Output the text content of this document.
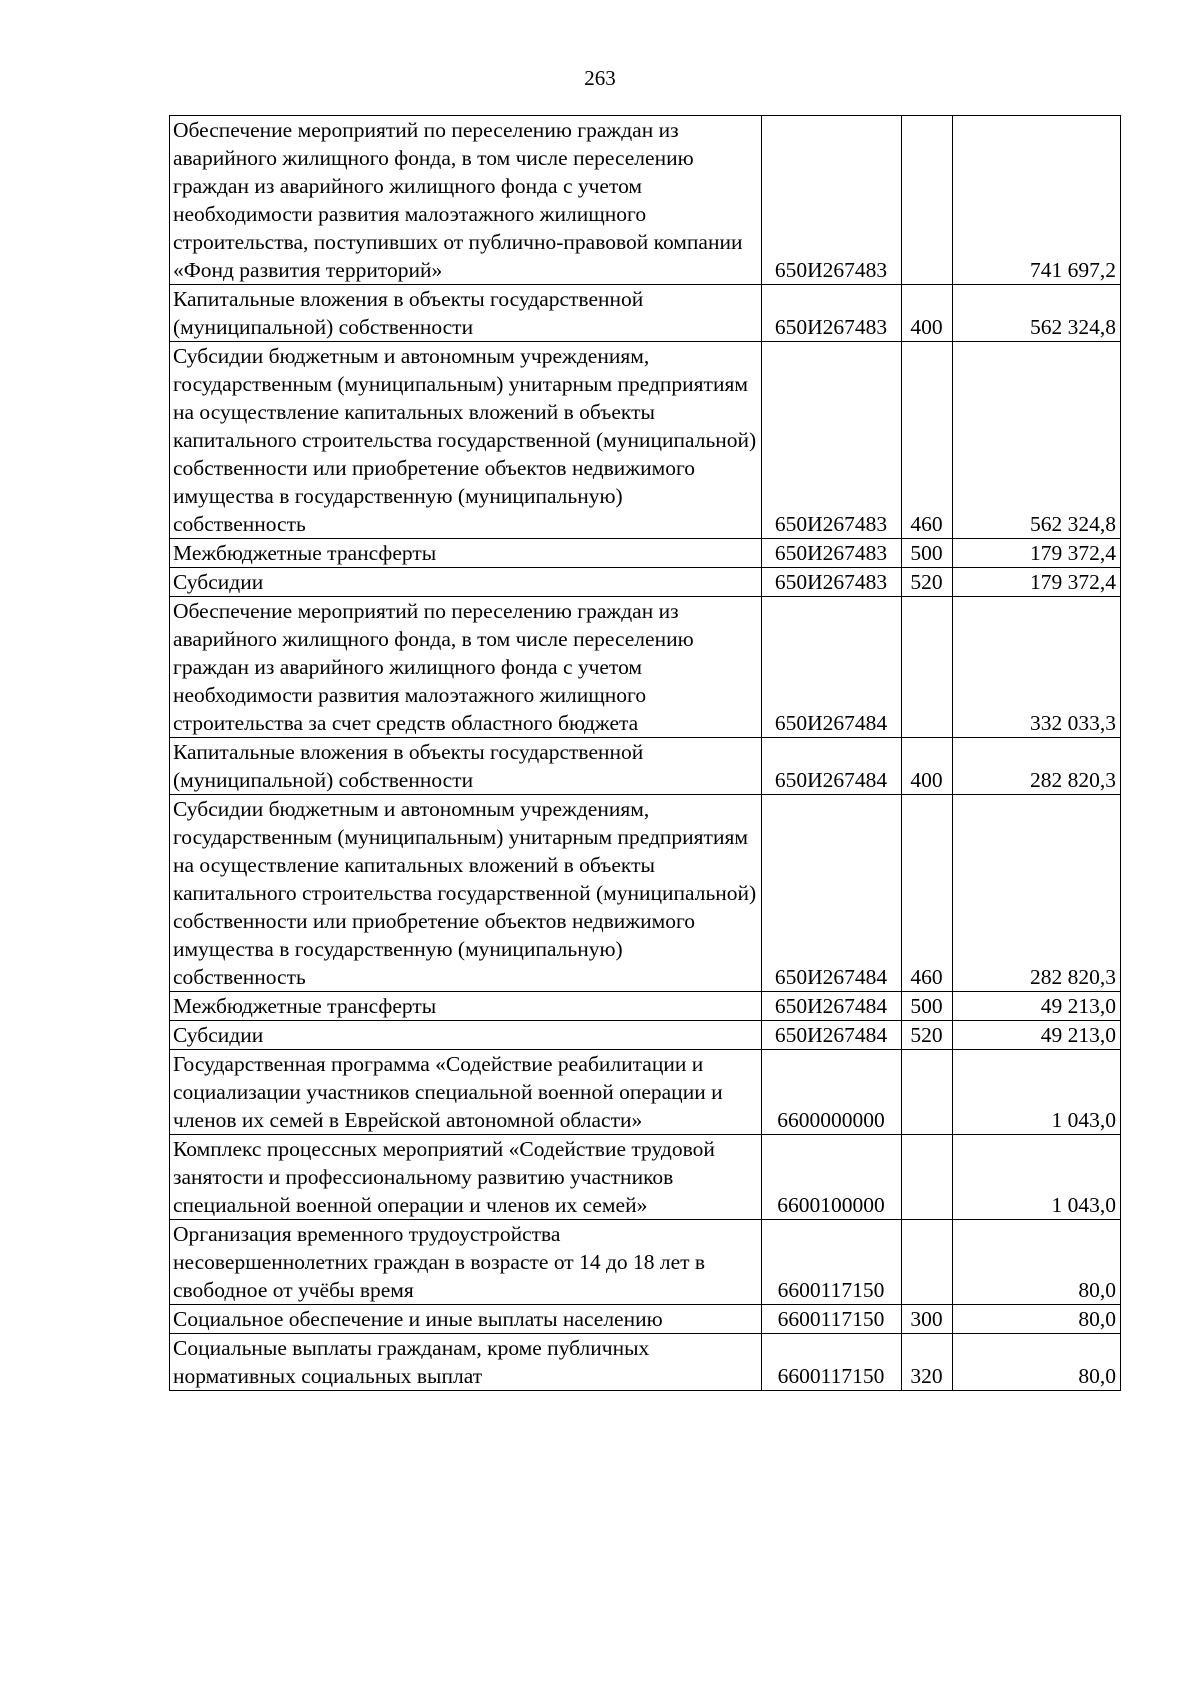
263
Обеспечение мероприятий по переселению граждан из аварийного жилищного фонда, в том числе переселению граждан из аварийного жилищного фонда с учетом необходимости развития малоэтажного жилищного строительства, поступивших от публично-правовой компании «Фонд развития территорий»	650И267483		741 697,2
Капитальные вложения в объекты государственной (муниципальной) собственности	650И267483	400	562 324,8
Субсидии бюджетным и автономным учреждениям, государственным (муниципальным) унитарным предприятиям на осуществление капитальных вложений в объекты капитального строительства государственной (муниципальной) собственности или приобретение объектов недвижимого имущества в государственную (муниципальную) собственность	650И267483	460	562 324,8
Межбюджетные трансферты	650И267483	500	179 372,4
Субсидии	650И267483	520	179 372,4
Обеспечение мероприятий по переселению граждан из аварийного жилищного фонда, в том числе переселению граждан из аварийного жилищного фонда с учетом необходимости развития малоэтажного жилищного строительства за счет средств областного бюджета	650И267484		332 033,3
Капитальные вложения в объекты государственной (муниципальной) собственности	650И267484	400	282 820,3
Субсидии бюджетным и автономным учреждениям, государственным (муниципальным) унитарным предприятиям на осуществление капитальных вложений в объекты капитального строительства государственной (муниципальной) собственности или приобретение объектов недвижимого имущества в государственную (муниципальную) собственность	650И267484	460	282 820,3
Межбюджетные трансферты	650И267484	500	49 213,0
Субсидии	650И267484	520	49 213,0
Государственная программа «Содействие реабилитации и социализации участников специальной военной операции и членов их семей в Еврейской автономной области»	6600000000		1 043,0
Комплекс процессных мероприятий «Содействие трудовой занятости и профессиональному развитию участников специальной военной операции и членов их семей»	6600100000		1 043,0
Организация временного трудоустройства несовершеннолетних граждан в возрасте от 14 до 18 лет в свободное от учёбы время	6600117150		80,0
Социальное обеспечение и иные выплаты населению	6600117150	300	80,0
Социальные выплаты гражданам, кроме публичных нормативных социальных выплат	6600117150	320	80,0
